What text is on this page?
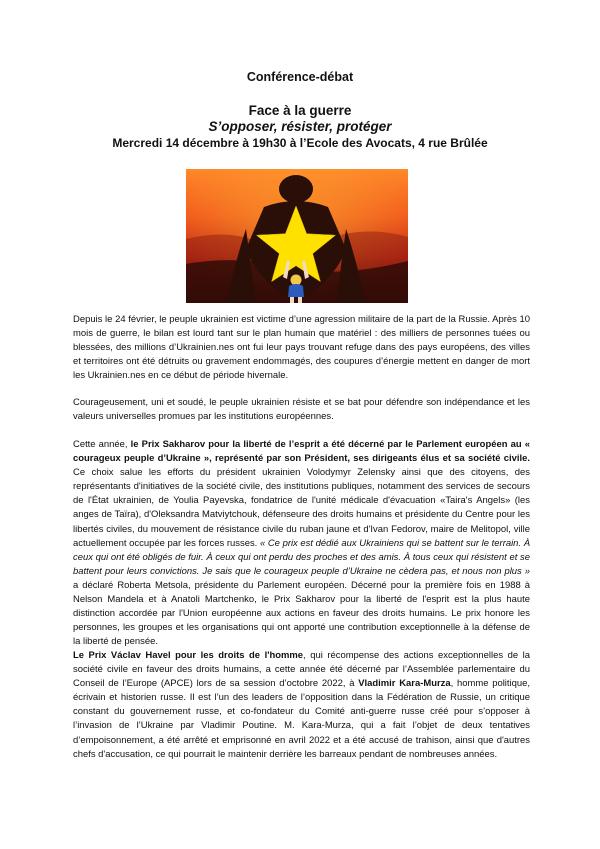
Conférence-débat
Face à la guerre
S’opposer, résister, protéger
Mercredi 14 décembre à 19h30 à l’Ecole des Avocats, 4 rue Brûlée

Depuis le 24 février, le peuple ukrainien est victime d’une agression militaire de la part de la Russie. Après 10 mois de guerre, le bilan est lourd tant sur le plan humain que matériel : des milliers de personnes tuées ou blessées, des millions d’Ukrainien.nes ont fui leur pays trouvant refuge dans des pays européens, des villes et territoires ont été détruits ou gravement endommagés, des coupures d’énergie mettent en danger de mort les Ukrainien.nes en ce début de période hivernale.

Courageusement, uni et soudé, le peuple ukrainien résiste et se bat pour défendre son indépendance et les valeurs universelles promues par les institutions européennes.

Cette année, le Prix Sakharov pour la liberté de l’esprit a été décerné par le Parlement européen au « courageux peuple d’Ukraine », représenté par son Président, ses dirigeants élus et sa société civile. Ce choix salue les efforts du président ukrainien Volodymyr Zelensky ainsi que des citoyens, des représentants d'initiatives de la société civile, des institutions publiques, notamment des services de secours de l'État ukrainien, de Youlia Payevska, fondatrice de l'unité médicale d'évacuation «Taira's Angels» (les anges de Taïra), d'Oleksandra Matviytchouk, défenseure des droits humains et présidente du Centre pour les libertés civiles, du mouvement de résistance civile du ruban jaune et d'Ivan Fedorov, maire de Melitopol, ville actuellement occupée par les forces russes. « Ce prix est dédié aux Ukrainiens qui se battent sur le terrain. À ceux qui ont été obligés de fuir. À ceux qui ont perdu des proches et des amis. À tous ceux qui résistent et se battent pour leurs convictions. Je sais que le courageux peuple d’Ukraine ne cèdera pas, et nous non plus » a déclaré Roberta Metsola, présidente du Parlement européen. Décerné pour la première fois en 1988 à Nelson Mandela et à Anatoli Martchenko, le Prix Sakharov pour la liberté de l'esprit est la plus haute distinction accordée par l'Union européenne aux actions en faveur des droits humains. Le prix honore les personnes, les groupes et les organisations qui ont apporté une contribution exceptionnelle à la défense de la liberté de pensée.

Le Prix Václav Havel pour les droits de l'homme, qui récompense des actions exceptionnelles de la société civile en faveur des droits humains, a cette année été décerné par l’Assemblée parlementaire du Conseil de l’Europe (APCE) lors de sa session d’octobre 2022, à Vladimir Kara-Murza, homme politique, écrivain et historien russe. Il est l’un des leaders de l’opposition dans la Fédération de Russie, un critique constant du gouvernement russe, et co-fondateur du Comité anti-guerre russe créé pour s’opposer à l’invasion de l’Ukraine par Vladimir Poutine. M. Kara-Murza, qui a fait l’objet de deux tentatives d’empoisonnement, a été arrêté et emprisonné en avril 2022 et a été accusé de trahison, ainsi que d'autres chefs d'accusation, ce qui pourrait le maintenir derrière les barreaux pendant de nombreuses années.
